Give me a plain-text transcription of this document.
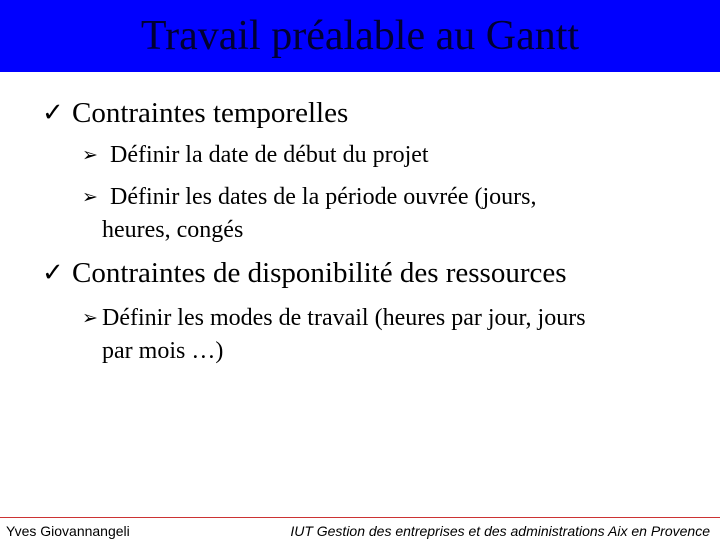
Travail préalable au Gantt
✓ Contraintes temporelles
➢ Définir la date de début du projet
➢ Définir les dates de la période ouvrée (jours,
heures, congés
✓ Contraintes de disponibilité des ressources
➢ Définir les modes de travail (heures par jour, jours
par mois …)
Yves Giovannangeli	IUT Gestion des entreprises et des administrations Aix en Provence
